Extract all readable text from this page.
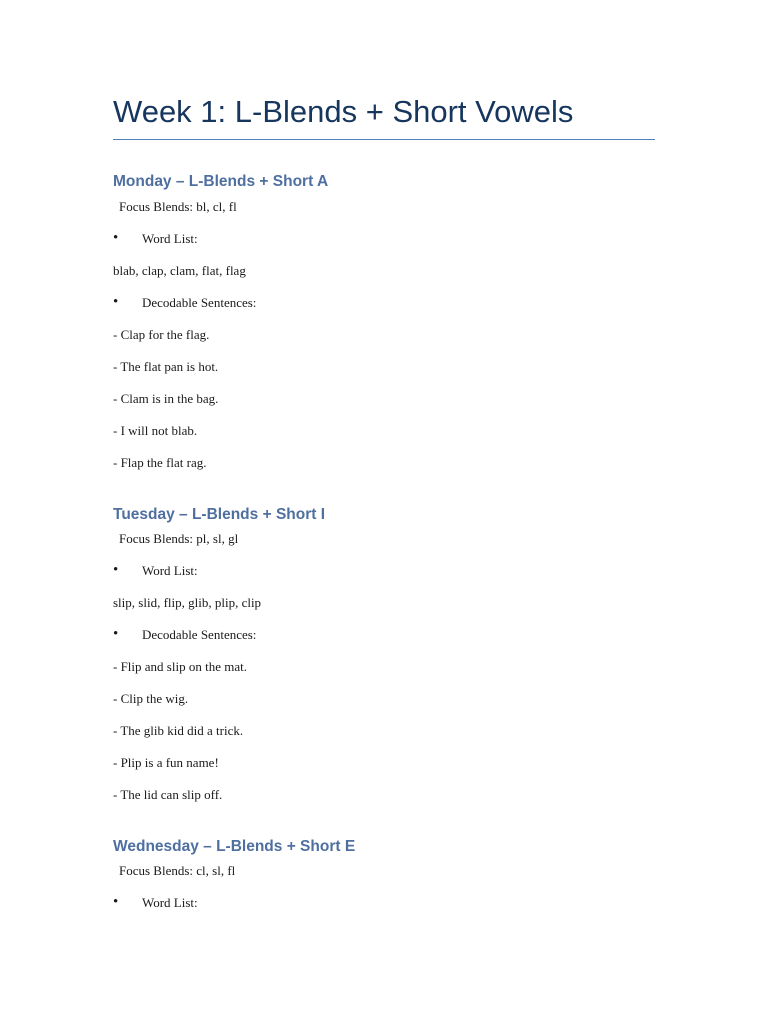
Week 1: L-Blends + Short Vowels
Monday – L-Blends + Short A
Focus Blends: bl, cl, fl
• Word List:
blab, clap, clam, flat, flag
• Decodable Sentences:
- Clap for the flag.
- The flat pan is hot.
- Clam is in the bag.
- I will not blab.
- Flap the flat rag.
Tuesday – L-Blends + Short I
Focus Blends: pl, sl, gl
• Word List:
slip, slid, flip, glib, plip, clip
• Decodable Sentences:
- Flip and slip on the mat.
- Clip the wig.
- The glib kid did a trick.
- Plip is a fun name!
- The lid can slip off.
Wednesday – L-Blends + Short E
Focus Blends: cl, sl, fl
• Word List:
